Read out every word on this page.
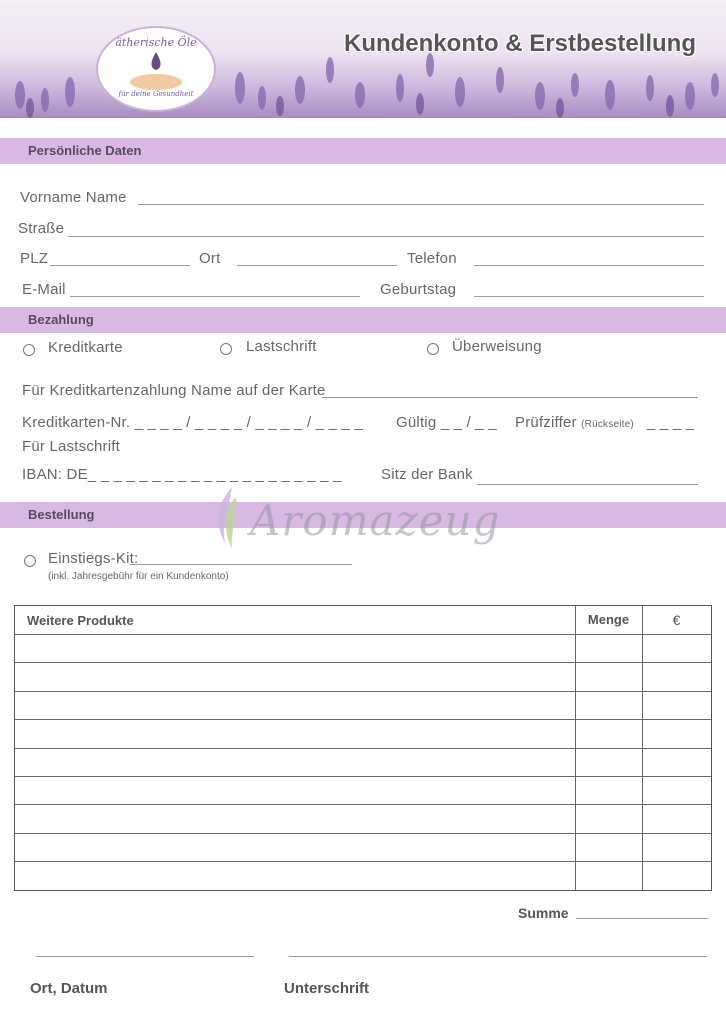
ätherische Öle
für deine Gesundheit
Kundenkonto & Erstbestellung
Persönliche Daten
Vorname Name
Straße
PLZ	Ort	Telefon
E-Mail	Geburtstag
Bezahlung
Kreditkarte	Lastschrift	Überweisung
Für Kreditkartenzahlung Name auf der Karte
Kreditkarten-Nr. _ _ _ _ / _ _ _ _ / _ _ _ _ / _ _ _ _ Gültig _ _ / _ _ Prüfziffer (Rückseite) _ _ _ _
Für Lastschrift
IBAN: DE_ _ _ _ _ _ _ _ _ _ _ _ _ _ _ _ _ _ _ _	Sitz der Bank
Bestellung	Aromazeug
Einstiegs-Kit:
(inkl. Jahresgebühr für ein Kundenkonto)
Weitere Produkte	Menge	€
Summe
Ort, Datum	Unterschrift
